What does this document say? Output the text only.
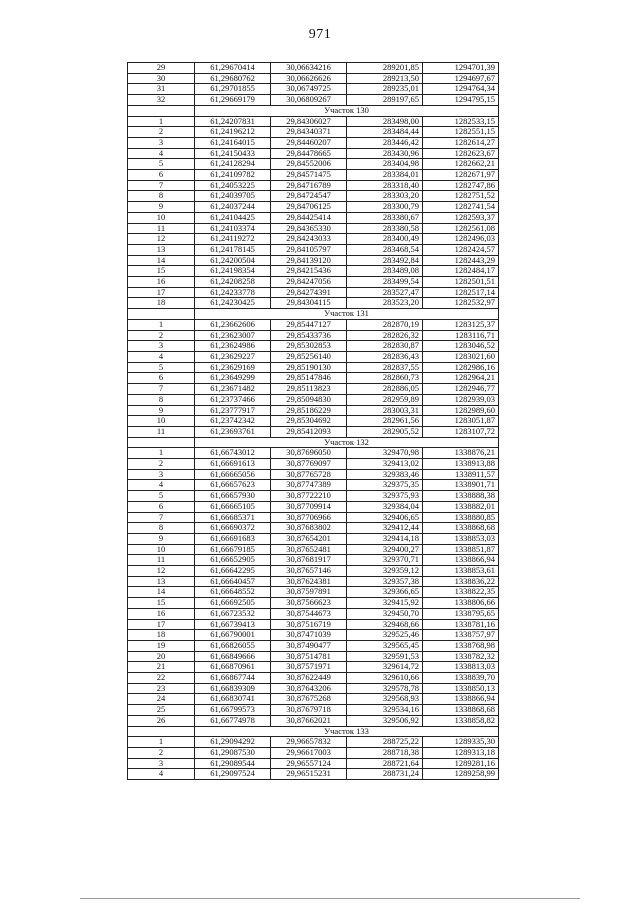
971
29	61,29670414	30,06634216	289201,85	1294701,39
30	61,29680762	30,06626626	289213,50	1294697,67
31	61,29701855	30,06749725	289235,01	1294764,34
32	61,29669179	30,06809267	289197,65	1294795,15
	Участок 130			
1	61,24207831	29,84306027	283498,00	1282533,15
2	61,24196212	29,84340371	283484,44	1282551,15
3	61,24164015	29,84460207	283446,42	1282614,27
4	61,24150433	29,84478665	283430,96	1282623,67
5	61,24128294	29,84552006	283404,98	1282662,21
6	61,24109782	29,84571475	283384,01	1282671,97
7	61,24053225	29,84716789	283318,40	1282747,86
8	61,24039705	29,84724547	283303,20	1282751,52
9	61,24037244	29,84706125	283300,79	1282741,54
10	61,24104425	29,84425414	283380,67	1282593,37
11	61,24103374	29,84365330	283380,58	1282561,08
12	61,24119272	29,84243033	283400,49	1282496,03
13	61,24178145	29,84105797	283468,54	1282424,57
14	61,24200504	29,84139120	283492,84	1282443,29
15	61,24198354	29,84215436	283489,08	1282484,17
16	61,24208258	29,84247056	283499,54	1282501,51
17	61,24233778	29,84274391	283527,47	1282517,14
18	61,24230425	29,84304115	283523,20	1282532,97
	Участок 131			
1	61,23662606	29,85447127	282870,19	1283125,37
2	61,23623007	29,85433736	282826,32	1283116,71
3	61,23624986	29,85302853	282830,87	1283046,52
4	61,23629227	29,85256140	282836,43	1283021,60
5	61,23629169	29,85190130	282837,55	1282986,16
6	61,23649299	29,85147846	282860,73	1282964,21
7	61,23671482	29,85113823	282886,05	1282946,77
8	61,23737466	29,85094830	282959,89	1282939,03
9	61,23777917	29,85186229	283003,31	1282989,60
10	61,23742342	29,85304692	282961,56	1283051,87
11	61,23693761	29,85412093	282905,52	1283107,72
	Участок 132			
1	61,66743012	30,87696050	329470,98	1338876,21
2	61,66691613	30,87769097	329413,02	1338913,88
3	61,66665056	30,87765728	329383,46	1338911,57
4	61,66657623	30,87747389	329375,35	1338901,71
5	61,66657930	30,87722210	329375,93	1338888,38
6	61,66665105	30,87709914	329384,04	1338882,01
7	61,66685371	30,87706966	329406,65	1338880,85
8	61,66690372	30,87683802	329412,44	1338868,68
9	61,66691683	30,87654201	329414,18	1338853,03
10	61,66679185	30,87652481	329400,27	1338851,87
11	61,66652905	30,87681917	329370,71	1338866,94
12	61,66642295	30,87657146	329359,12	1338853,61
13	61,66640457	30,87624381	329357,38	1338836,22
14	61,66648552	30,87597891	329366,65	1338822,35
15	61,66692505	30,87566623	329415,92	1338806,66
16	61,66723532	30,87544673	329450,70	1338795,65
17	61,66739413	30,87516719	329468,66	1338781,16
18	61,66790001	30,87471039	329525,46	1338757,97
19	61,66826055	30,87490477	329565,45	1338768,98
20	61,66849666	30,87514781	329591,53	1338782,32
21	61,66870961	30,87571971	329614,72	1338813,03
22	61,66867744	30,87622449	329610,66	1338839,70
23	61,66839309	30,87643206	329578,78	1338850,13
24	61,66830741	30,87675268	329568,93	1338866,94
25	61,66799573	30,87679718	329534,16	1338868,68
26	61,66774978	30,87662021	329506,92	1338858,82
	Участок 133			
1	61,29094292	29,96657832	288725,22	1289335,30
2	61,29087530	29,96617003	288718,38	1289313,18
3	61,29089544	29,96557124	288721,64	1289281,16
4	61,29097524	29,96515231	288731,24	1289258,99
